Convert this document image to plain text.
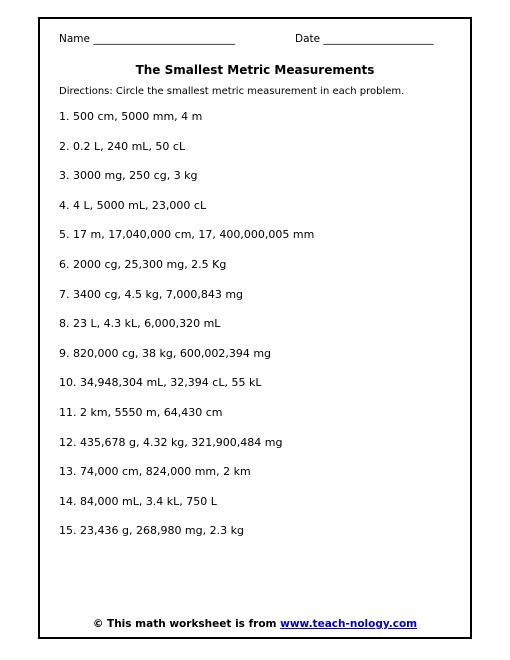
Name ___________________________	Date _____________________
The Smallest Metric Measurements
Directions: Circle the smallest metric measurement in each problem.
1. 500 cm, 5000 mm, 4 m
2. 0.2 L, 240 mL, 50 cL
3. 3000 mg, 250 cg, 3 kg
4. 4 L, 5000 mL, 23,000 cL
5. 17 m, 17,040,000 cm, 17, 400,000,005 mm
6. 2000 cg, 25,300 mg, 2.5 Kg
7. 3400 cg, 4.5 kg, 7,000,843 mg
8. 23 L, 4.3 kL, 6,000,320 mL
9. 820,000 cg, 38 kg, 600,002,394 mg
10. 34,948,304 mL, 32,394 cL, 55 kL
11. 2 km, 5550 m, 64,430 cm
12. 435,678 g, 4.32 kg, 321,900,484 mg
13. 74,000 cm, 824,000 mm, 2 km
14. 84,000 mL, 3.4 kL, 750 L
15. 23,436 g, 268,980 mg, 2.3 kg
© This math worksheet is from www.teach-nology.com
